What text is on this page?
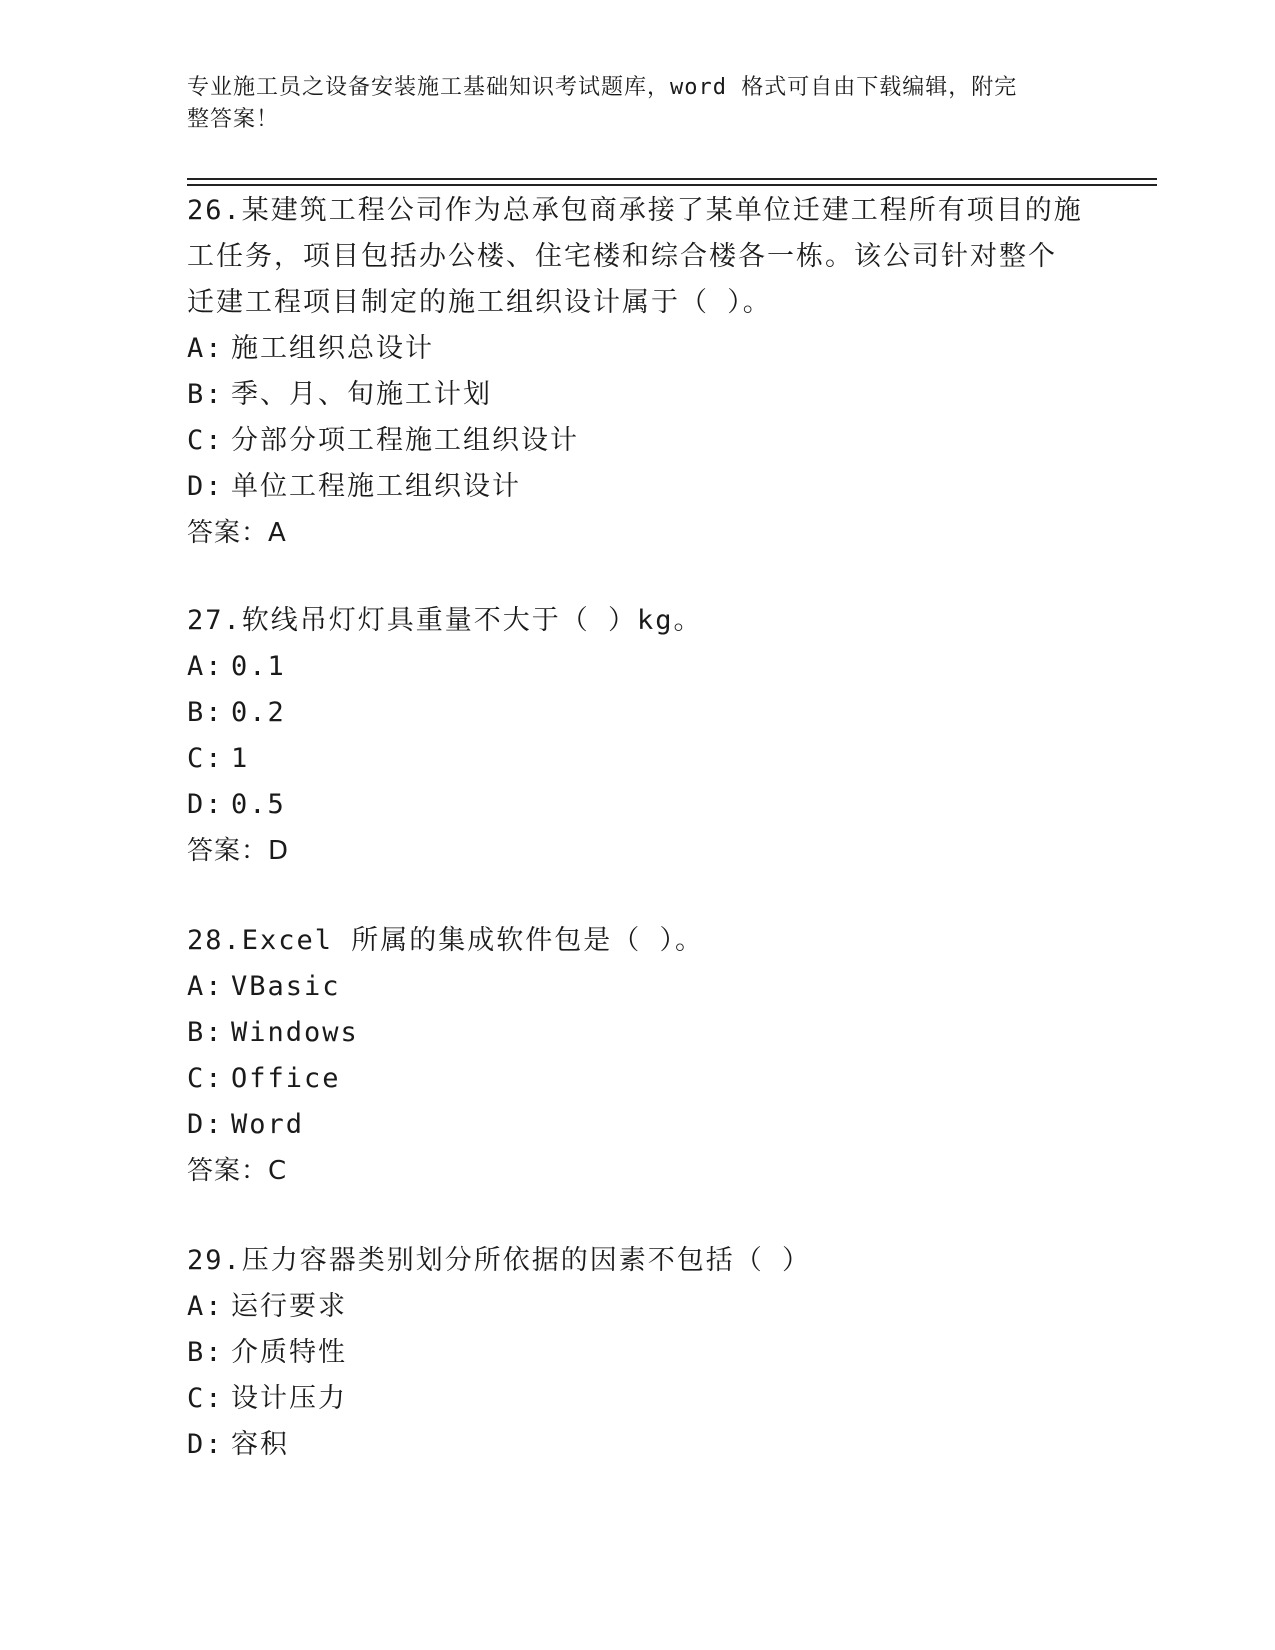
专业施工员之设备安装施工基础知识考试题库，word 格式可自由下载编辑，附完
整答案！
26.某建筑工程公司作为总承包商承接了某单位迁建工程所有项目的施
工任务，项目包括办公楼、住宅楼和综合楼各一栋。该公司针对整个
迁建工程项目制定的施工组织设计属于（ ）。
A: 施工组织总设计
B: 季、月、旬施工计划
C: 分部分项工程施工组织设计
D: 单位工程施工组织设计
答案：A
27.软线吊灯灯具重量不大于（ ）kg。
A: 0.1
B: 0.2
C: 1
D: 0.5
答案：D
28.Excel 所属的集成软件包是（ ）。
A: VBasic
B: Windows
C: Office
D: Word
答案：C
29.压力容器类别划分所依据的因素不包括（ ）
A: 运行要求
B: 介质特性
C: 设计压力
D: 容积
